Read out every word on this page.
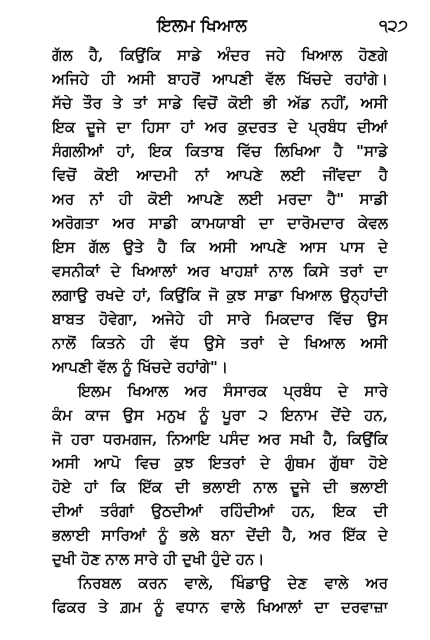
ਇਲਮ ਖਿਆਲ	੧੨੭
ਗੱਲ ਹੈ, ਕਿਉਂਕਿ ਸਾਡੇ ਅੰਦਰ ਜਹੇ ਖਿਆਲ ਹੋਣਗੇ
ਅਜਿਹੇ ਹੀ ਅਸੀ ਬਾਹਰੋਂ ਆਪਣੀ ਵੱਲ ਖਿੱਚਦੇ ਰਹਾਂਗੇ।
ਸੱਚੇ ਤੌਰ ਤੇ ਤਾਂ ਸਾਡੇ ਵਿਚੋਂ ਕੋਈ ਭੀ ਅੱਡ ਨਹੀਂ, ਅਸੀ
ਇਕ ਦੂਜੇ ਦਾ ਹਿਸਾ ਹਾਂ ਅਰ ਕੁਦਰਤ ਦੇ ਪ੍ਰਬੰਧ ਦੀਆਂ
ਸੰਗਲੀਆਂ ਹਾਂ, ਇਕ ਕਿਤਾਬ ਵਿੱਚ ਲਿਖਿਆ ਹੈ "ਸਾਡੇ
ਵਿਚੋਂ ਕੋਈ ਆਦਮੀ ਨਾਂ ਆਪਣੇ ਲਈ ਜੀਂਵਦਾ ਹੈ
ਅਰ ਨਾਂ ਹੀ ਕੋਈ ਆਪਣੇ ਲਈ ਮਰਦਾ ਹੈ" ਸਾਡੀ
ਅਰੋਗਤਾ ਅਰ ਸਾਡੀ ਕਾਮਯਾਬੀ ਦਾ ਦਾਰੋਮਦਾਰ ਕੇਵਲ
ਇਸ ਗੱਲ ਉਤੇ ਹੈ ਕਿ ਅਸੀ ਆਪਣੇ ਆਸ ਪਾਸ ਦੇ
ਵਸਨੀਕਾਂ ਦੇ ਖਿਆਲਾਂ ਅਰ ਖਾਹਸ਼ਾਂ ਨਾਲ ਕਿਸੇ ਤਰਾਂ ਦਾ
ਲਗਾਉ ਰਖਦੇ ਹਾਂ, ਕਿਉਂਕਿ ਜੋ ਕੁਝ ਸਾਡਾ ਖਿਆਲ ਉਨ੍ਹਾਂਦੀ
ਬਾਬਤ ਹੋਵੇਗਾ, ਅਜੇਹੇ ਹੀ ਸਾਰੇ ਮਿਕਦਾਰ ਵਿੱਚ ਉਸ
ਨਾਲੋਂ ਕਿਤਨੇ ਹੀ ਵੱਧ ਉਸੇ ਤਰਾਂ ਦੇ ਖਿਆਲ ਅਸੀ
ਆਪਣੀ ਵੱਲ ਨੂੰ ਖਿੱਚਦੇ ਰਹਾਂਗੇ"।
ਇਲਮ ਖਿਆਲ ਅਰ ਸੰਸਾਰਕ ਪ੍ਰਬੰਧ ਦੇ ਸਾਰੇ
ਕੰਮ ਕਾਜ ਉਸ ਮਨੁਖ ਨੂੰ ਪੂਰਾ ੨ ਇਨਾਮ ਦੇਂਦੇ ਹਨ,
ਜੋ ਹਰਾ ਧਰਮਗਜ, ਨਿਆਇ ਪਸੰਦ ਅਰ ਸਖੀ ਹੈ, ਕਿਉਂਕਿ
ਅਸੀ ਆਪੋ ਵਿਚ ਕੁਝ ਇਤਰਾਂ ਦੇ ਗੁੰਥਮ ਗੁੱਥਾ ਹੋਏ
ਹੋਏ ਹਾਂ ਕਿ ਇੱਕ ਦੀ ਭਲਾਈ ਨਾਲ ਦੂਜੇ ਦੀ ਭਲਾਈ
ਦੀਆਂ ਤਰੰਗਾਂ ਉਠਦੀਆਂ ਰਹਿੰਦੀਆਂ ਹਨ, ਇਕ ਦੀ
ਭਲਾਈ ਸਾਰਿਆਂ ਨੂੰ ਭਲੇ ਬਨਾ ਦੇਂਦੀ ਹੈ, ਅਰ ਇੱਕ ਦੇ
ਦੁਖੀ ਹੋਣ ਨਾਲ ਸਾਰੇ ਹੀ ਦੁਖੀ ਹੁੰਦੇ ਹਨ।
ਨਿਰਬਲ ਕਰਨ ਵਾਲੇ, ਖਿੰਡਾਉ ਦੇਣ ਵਾਲੇ ਅਰ
ਫਿਕਰ ਤੇ ਗ਼ਮ ਨੂੰ ਵਧਾਨ ਵਾਲੇ ਖਿਆਲਾਂ ਦਾ ਦਰਵਾਜ਼ਾ
